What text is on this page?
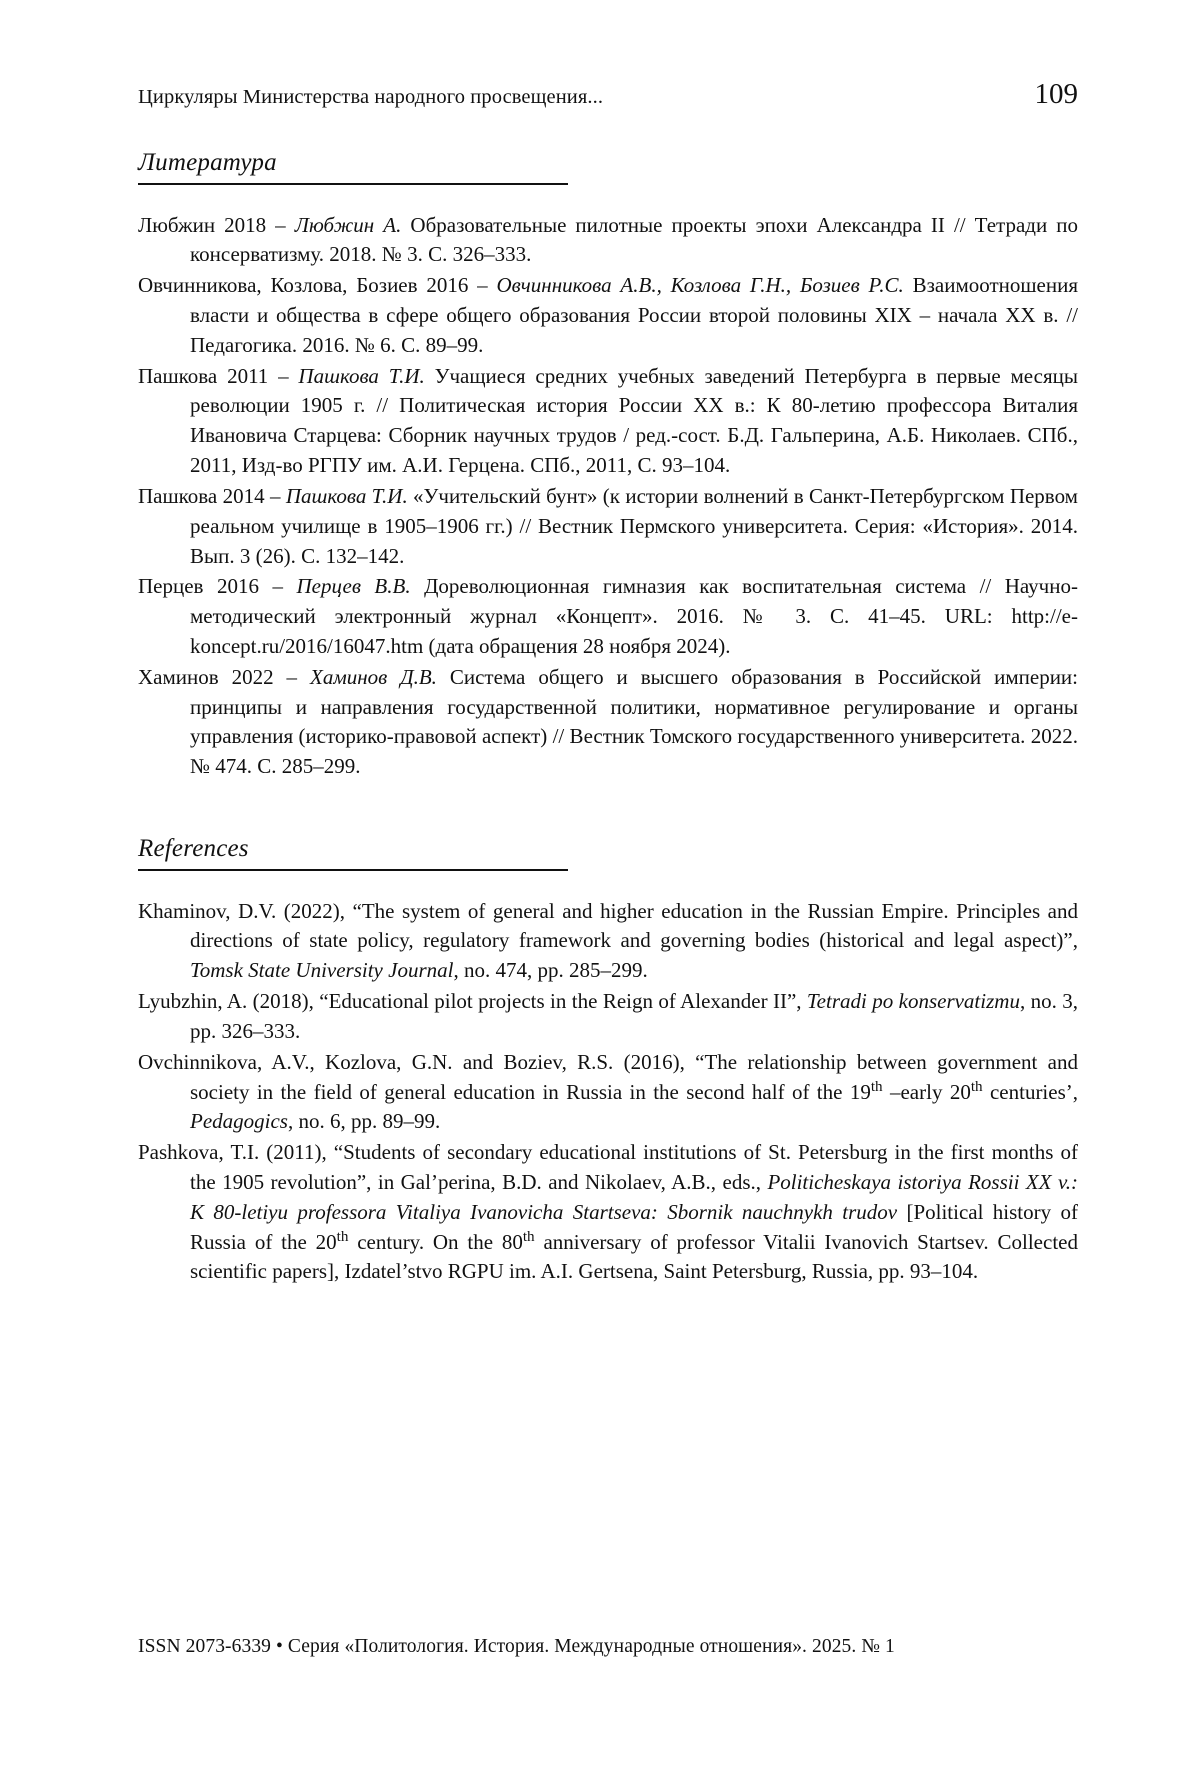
Циркуляры Министерства народного просвещения...	109
Литература
Любжин 2018 – Любжин А. Образовательные пилотные проекты эпохи Александра II // Тетради по консерватизму. 2018. № 3. С. 326–333.
Овчинникова, Козлова, Бозиев 2016 – Овчинникова А.В., Козлова Г.Н., Бозиев Р.С. Взаимоотношения власти и общества в сфере общего образования России второй половины XIX – начала XX в. // Педагогика. 2016. № 6. С. 89–99.
Пашкова 2011 – Пашкова Т.И. Учащиеся средних учебных заведений Петербурга в первые месяцы революции 1905 г. // Политическая история России XX в.: К 80-летию профессора Виталия Ивановича Старцева: Сборник научных трудов / ред.-сост. Б.Д. Гальперина, А.Б. Николаев. СПб., 2011, Изд-во РГПУ им. А.И. Герцена. СПб., 2011, С. 93–104.
Пашкова 2014 – Пашкова Т.И. «Учительский бунт» (к истории волнений в Санкт-Петербургском Первом реальном училище в 1905–1906 гг.) // Вестник Пермского университета. Серия: «История». 2014. Вып. 3 (26). С. 132–142.
Перцев 2016 – Перцев В.В. Дореволюционная гимназия как воспитательная система // Научно-методический электронный журнал «Концепт». 2016. № 3. С. 41–45. URL: http://e-koncept.ru/2016/16047.htm (дата обращения 28 ноября 2024).
Хаминов 2022 – Хаминов Д.В. Система общего и высшего образования в Российской империи: принципы и направления государственной политики, нормативное регулирование и органы управления (историко-правовой аспект) // Вестник Томского государственного университета. 2022. № 474. С. 285–299.
References
Khaminov, D.V. (2022), “The system of general and higher education in the Russian Empire. Principles and directions of state policy, regulatory framework and governing bodies (historical and legal aspect)”, Tomsk State University Journal, no. 474, pp. 285–299.
Lyubzhin, A. (2018), “Educational pilot projects in the Reign of Alexander II”, Tetradi po konservatizmu, no. 3, pp. 326–333.
Ovchinnikova, A.V., Kozlova, G.N. and Boziev, R.S. (2016), “The relationship between government and society in the field of general education in Russia in the second half of the 19th –early 20th centuries’, Pedagogics, no. 6, pp. 89–99.
Pashkova, T.I. (2011), “Students of secondary educational institutions of St. Petersburg in the first months of the 1905 revolution”, in Gal’perina, B.D. and Nikolaev, A.B., eds., Politicheskaya istoriya Rossii XX v.: K 80-letiyu professora Vitaliya Ivanovicha Startseva: Sbornik nauchnykh trudov [Political history of Russia of the 20th century. On the 80th anniversary of professor Vitalii Ivanovich Startsev. Collected scientific papers], Izdatel’stvo RGPU im. A.I. Gertsena, Saint Petersburg, Russia, pp. 93–104.
ISSN 2073-6339 • Серия «Политология. История. Международные отношения». 2025. № 1
